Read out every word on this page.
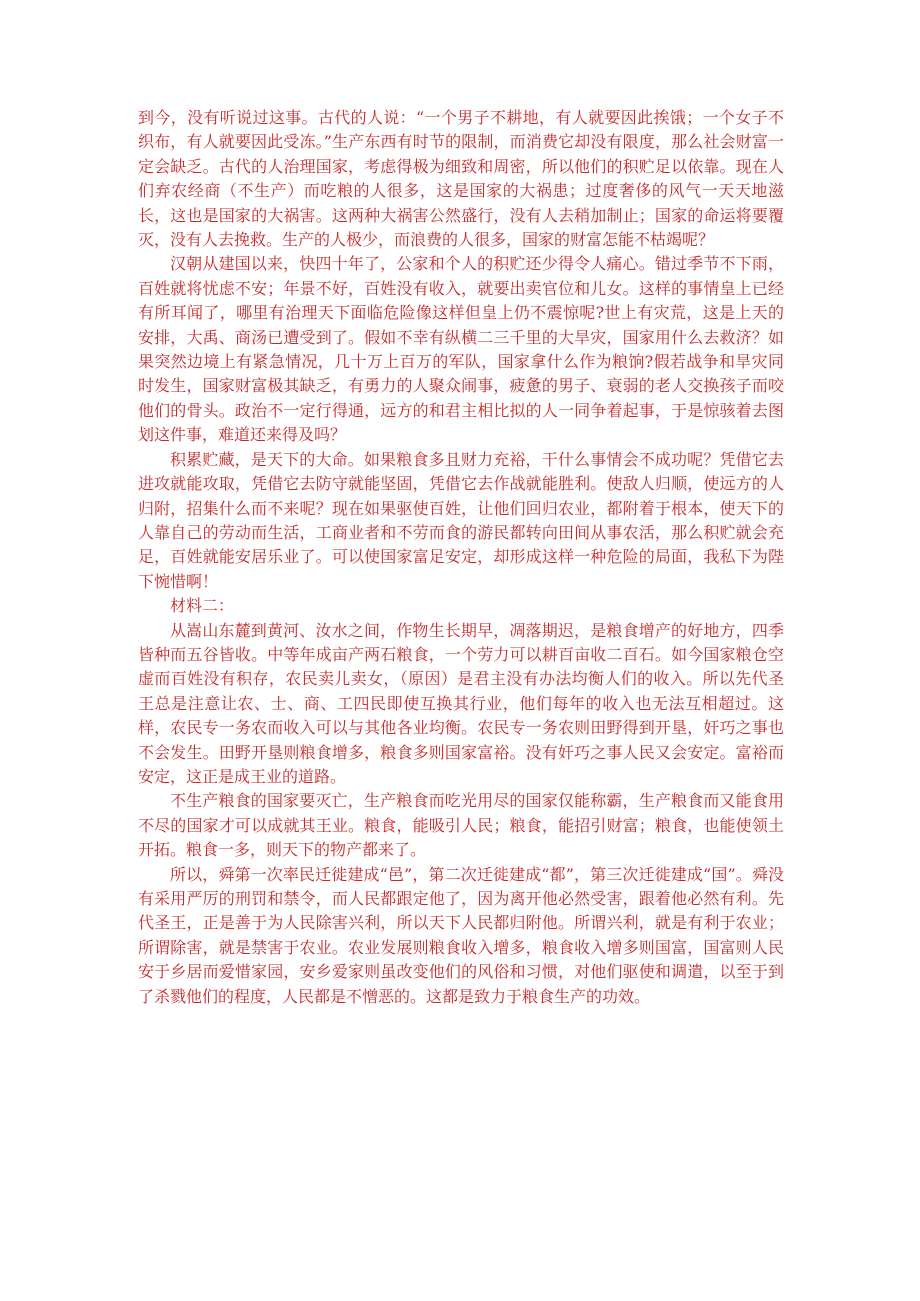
到今，没有听说过这事。古代的人说：“一个男子不耕地，有人就要因此挨饿；一个女子不织布，有人就要因此受冻。”生产东西有时节的限制，而消费它却没有限度，那么社会财富一定会缺乏。古代的人治理国家，考虑得极为细致和周密，所以他们的积贮足以依靠。现在人们弃农经商（不生产）而吃粮的人很多，这是国家的大祸患；过度奢侈的风气一天天地滋长，这也是国家的大祸害。这两种大祸害公然盛行，没有人去稍加制止；国家的命运将要覆灭，没有人去挽救。生产的人极少，而浪费的人很多，国家的财富怎能不枯竭呢？

汉朝从建国以来，快四十年了，公家和个人的积贮还少得令人痛心。错过季节不下雨，百姓就将忧虑不安；年景不好，百姓没有收入，就要出卖官位和儿女。这样的事情皇上已经有所耳闻了，哪里有治理天下面临危险像这样但皇上仍不震惊呢?世上有灾荒，这是上天的安排，大禹、商汤已遭受到了。假如不幸有纵横二三千里的大旱灾，国家用什么去救济？如果突然边境上有紧急情况，几十万上百万的军队，国家拿什么作为粮饷?假若战争和旱灾同时发生，国家财富极其缺乏，有勇力的人聚众闹事，疲惫的男子、衰弱的老人交换孩子而咬他们的骨头。政治不一定行得通，远方的和君主相比拟的人一同争着起事，于是惊骇着去图划这件事，难道还来得及吗？

积累贮藏，是天下的大命。如果粮食多且财力充裕，干什么事情会不成功呢？凭借它去进攻就能攻取，凭借它去防守就能坚固，凭借它去作战就能胜利。使敌人归顺，使远方的人归附，招集什么而不来呢？现在如果驱使百姓，让他们回归农业，都附着于根本，使天下的人靠自己的劳动而生活，工商业者和不劳而食的游民都转向田间从事农活，那么积贮就会充足，百姓就能安居乐业了。可以使国家富足安定，却形成这样一种危险的局面，我私下为陛下惋惜啊！

材料二：

从嵩山东麓到黄河、汝水之间，作物生长期早，凋落期迟，是粮食增产的好地方，四季皆种而五谷皆收。中等年成亩产两石粮食，一个劳力可以耕百亩收二百石。如今国家粮仓空虚而百姓没有积存，农民卖儿卖女，（原因）是君主没有办法均衡人们的收入。所以先代圣王总是注意让农、士、商、工四民即使互换其行业，他们每年的收入也无法互相超过。这样，农民专一务农而收入可以与其他各业均衡。农民专一务农则田野得到开垦，奸巧之事也不会发生。田野开垦则粮食增多，粮食多则国家富裕。没有奸巧之事人民又会安定。富裕而安定，这正是成王业的道路。

不生产粮食的国家要灭亡，生产粮食而吃光用尽的国家仅能称霸，生产粮食而又能食用不尽的国家才可以成就其王业。粮食，能吸引人民；粮食，能招引财富；粮食，也能使领土开拓。粮食一多，则天下的物产都来了。

所以，舜第一次率民迁徙建成“邑”，第二次迁徙建成“都”，第三次迁徙建成“国”。舜没有采用严厉的刑罚和禁令，而人民都跟定他了，因为离开他必然受害，跟着他必然有利。先代圣王，正是善于为人民除害兴利，所以天下人民都归附他。所谓兴利，就是有利于农业；所谓除害，就是禁害于农业。农业发展则粮食收入增多，粮食收入增多则国富，国富则人民安于乡居而爱惜家园，安乡爱家则虽改变他们的风俗和习惯，对他们驱使和调遣，以至于到了杀戮他们的程度，人民都是不憎恶的。这都是致力于粮食生产的功效。
